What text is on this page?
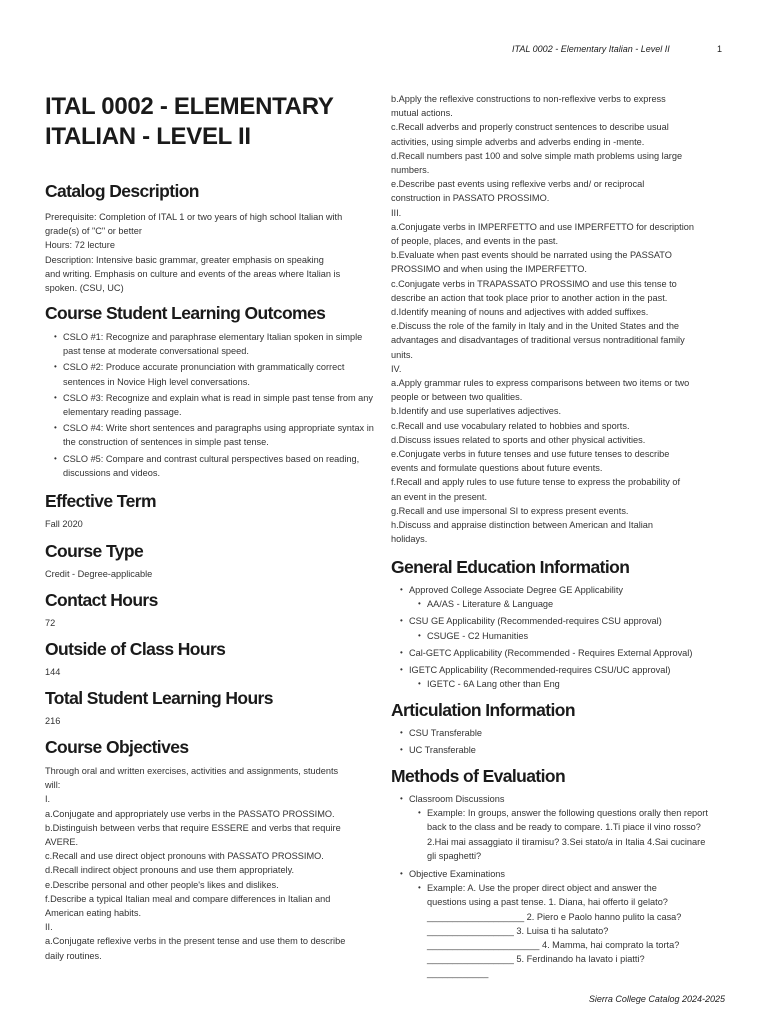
ITAL 0002 - Elementary Italian - Level II	1
ITAL 0002 - ELEMENTARY ITALIAN - LEVEL II
Catalog Description

Prerequisite: Completion of ITAL 1 or two years of high school Italian with

grade(s) of "C" or better

Hours: 72 lecture

Description: Intensive basic grammar, greater emphasis on speaking

and writing. Emphasis on culture and events of the areas where Italian is

spoken. (CSU, UC)

Course Student Learning Outcomes
• CSLO #1: Recognize and paraphrase elementary Italian spoken in simple past tense at moderate conversational speed.
• CSLO #2: Produce accurate pronunciation with grammatically correct sentences in Novice High level conversations.
• CSLO #3: Recognize and explain what is read in simple past tense from any elementary reading passage.
• CSLO #4: Write short sentences and paragraphs using appropriate syntax in the construction of sentences in simple past tense.
• CSLO #5: Compare and contrast cultural perspectives based on reading, discussions and videos.
Effective Term

Fall 2020

Course Type

Credit - Degree-applicable

Contact Hours

72

Outside of Class Hours

144

Total Student Learning Hours

216

Course Objectives

Through oral and written exercises, activities and assignments, students

will:

I.

a.Conjugate and appropriately use verbs in the PASSATO PROSSIMO.

b.Distinguish between verbs that require ESSERE and verbs that require

AVERE.

c.Recall and use direct object pronouns with PASSATO PROSSIMO.

d.Recall indirect object pronouns and use them appropriately.

e.Describe personal and other people's likes and dislikes.

f.Describe a typical Italian meal and compare differences in Italian and

American eating habits.

II.

a.Conjugate reflexive verbs in the present tense and use them to describe

daily routines.

b.Apply the reflexive constructions to non-reflexive verbs to express

mutual actions.

c.Recall adverbs and properly construct sentences to describe usual

activities, using simple adverbs and adverbs ending in -mente.

d.Recall numbers past 100 and solve simple math problems using large

numbers.

e.Describe past events using reflexive verbs and/ or reciprocal

construction in PASSATO PROSSIMO.

III.

a.Conjugate verbs in IMPERFETTO and use IMPERFETTO for description

of people, places, and events in the past.

b.Evaluate when past events should be narrated using the PASSATO

PROSSIMO and when using the IMPERFETTO.

c.Conjugate verbs in TRAPASSATO PROSSIMO and use this tense to

describe an action that took place prior to another action in the past.

d.Identify meaning of nouns and adjectives with added suffixes.

e.Discuss the role of the family in Italy and in the United States and the

advantages and disadvantages of traditional versus nontraditional family

units.

IV.

a.Apply grammar rules to express comparisons between two items or two

people or between two qualities.

b.Identify and use superlatives adjectives.

c.Recall and use vocabulary related to hobbies and sports.

d.Discuss issues related to sports and other physical activities.

e.Conjugate verbs in future tenses and use future tenses to describe

events and formulate questions about future events.

f.Recall and apply rules to use future tense to express the probability of

an event in the present.

g.Recall and use impersonal SI to express present events.

h.Discuss and appraise distinction between American and Italian

holidays.

General Education Information
• Approved College Associate Degree GE Applicability
• AA/AS - Literature & Language
• CSU GE Applicability (Recommended-requires CSU approval)
• CSUGE - C2 Humanities
• Cal-GETC Applicability (Recommended - Requires External Approval)
• IGETC Applicability (Recommended-requires CSU/UC approval)
• IGETC - 6A Lang other than Eng
Articulation Information
• CSU Transferable
• UC Transferable
Methods of Evaluation
• Classroom Discussions
• Example: In groups, answer the following questions orally then report back to the class and be ready to compare. 1.Ti piace il vino rosso? 2.Hai mai assaggiato il tiramisu? 3.Sei stato/a in Italia 4.Sai cucinare gli spaghetti?
• Objective Examinations
• Example: A. Use the proper direct object and answer the questions using a past tense. 1. Diana, hai offerto il gelato? ___________________ 2. Piero e Paolo hanno pulito la casa?_________________ 3. Luisa ti ha salutato? ______________________ 4. Mamma, hai comprato la torta? _________________ 5. Ferdinando ha lavato i piatti? ____________
Sierra College Catalog 2024-2025
